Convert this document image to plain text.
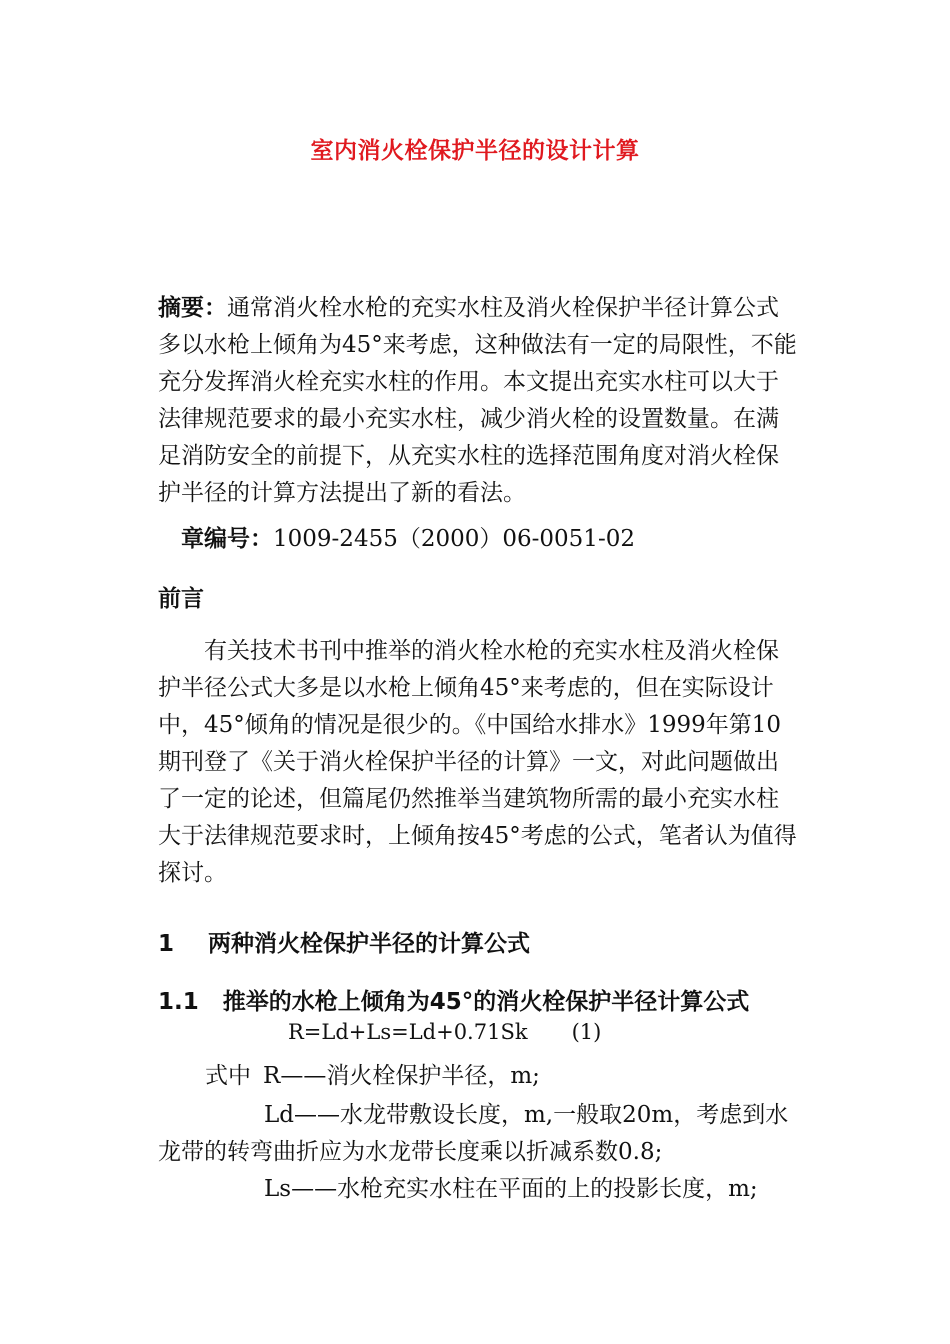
室内消火栓保护半径的设计计算
摘要：通常消火栓水枪的充实水柱及消火栓保护半径计算公式多以水枪上倾角为45°来考虑，这种做法有一定的局限性，不能充分发挥消火栓充实水柱的作用。本文提出充实水柱可以大于法律规范要求的最小充实水柱，减少消火栓的设置数量。在满足消防安全的前提下，从充实水柱的选择范围角度对消火栓保护半径的计算方法提出了新的看法。
章编号：1009-2455（2000）06-0051-02
前言
有关技术书刊中推举的消火栓水枪的充实水柱及消火栓保护半径公式大多是以水枪上倾角45°来考虑的，但在实际设计中，45°倾角的情况是很少的。《中国给水排水》1999年第10期刊登了《关于消火栓保护半径的计算》一文，对此问题做出了一定的论述，但篇尾仍然推举当建筑物所需的最小充实水柱大于法律规范要求时，上倾角按45°考虑的公式，笔者认为值得探讨。
1 两种消火栓保护半径的计算公式
1.1 推举的水枪上倾角为45°的消火栓保护半径计算公式
R=Ld+Ls=Ld+0.71Sk (1)
式中 R——消火栓保护半径，m;
Ld——水龙带敷设长度，m,一般取20m，考虑到水
龙带的转弯曲折应为水龙带长度乘以折减系数0.8;
Ls——水枪充实水柱在平面的上的投影长度，m;
